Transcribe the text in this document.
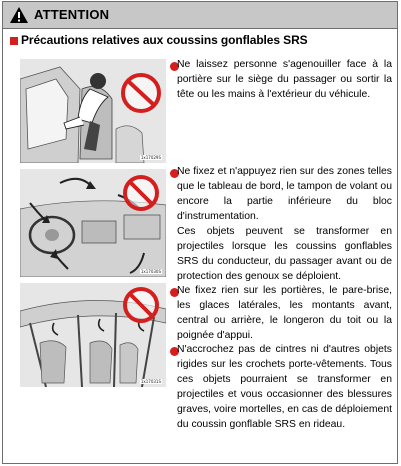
ATTENTION
Précautions relatives aux coussins gonflables SRS
1x17029S
1x17030S
1x17031S

Ne laissez personne s'agenouiller face à la portière sur le siège du passager ou sortir la tête ou les mains à l'extérieur du véhicule.

Ne fixez et n'appuyez rien sur des zones telles que le tableau de bord, le tampon de volant ou encore la partie inférieure du bloc d'instrumentation.

Ces objets peuvent se transformer en projectiles lorsque les coussins gonflables SRS du conducteur, du passager avant ou de protection des genoux se déploient.

Ne fixez rien sur les portières, le pare-brise, les glaces latérales, les montants avant, central ou arrière, le longeron du toit ou la poignée d'appui.

N'accrochez pas de cintres ni d'autres objets rigides sur les crochets porte-vêtements. Tous ces objets pourraient se transformer en projectiles et vous occasionner des blessures graves, voire mortelles, en cas de déploiement du coussin gonflable SRS en rideau.
